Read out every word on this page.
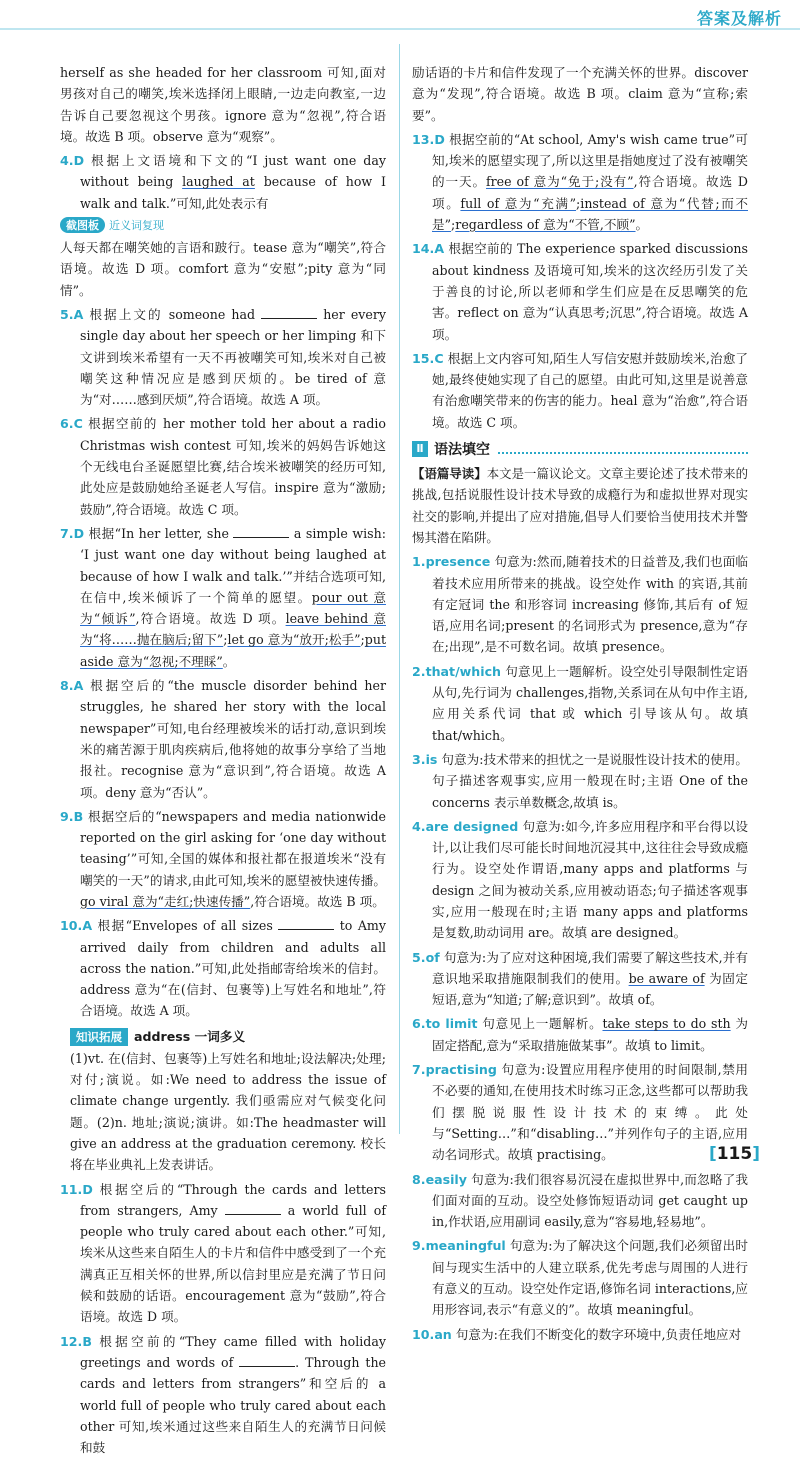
答案及解析

herself as she headed for her classroom 可知,面对男孩对自己的嘲笑,埃米选择闭上眼睛,一边走向教室,一边告诉自己要忽视这个男孩。ignore 意为“忽视”,符合语境。故选 B 项。observe 意为“观察”。

4.D 根据上文语境和下文的“I just want one day without being laughed at because of how I walk and talk.”可知,此处表示有

截图板 近义词复现

人每天都在嘲笑她的言语和跛行。tease 意为“嘲笑”,符合语境。故选 D 项。comfort 意为“安慰”;pity 意为“同情”。

5.A 根据上文的 someone had	her every single day about her speech or her limping 和下文讲到埃米希望有一天不再被嘲笑可知,埃米对自己被嘲笑这种情况应是感到厌烦的。be tired of 意为“对……感到厌烦”,符合语境。故选 A 项。

6.C 根据空前的 her mother told her about a radio Christmas wish contest 可知,埃米的妈妈告诉她这个无线电台圣诞愿望比赛,结合埃米被嘲笑的经历可知,此处应是鼓励她给圣诞老人写信。inspire 意为“激励;鼓励”,符合语境。故选 C 项。

7.D 根据“In her letter, she	a simple wish: ‘I just want one day without being laughed at because of how I walk and talk.’”并结合选项可知,在信中,埃米倾诉了一个简单的愿望。pour out 意为“倾诉”,符合语境。故选 D 项。leave behind 意为“将……抛在脑后;留下”;let go 意为“放开;松手”;put aside 意为“忽视;不理睬”。

8.A 根据空后的“the muscle disorder behind her struggles, he shared her story with the local newspaper”可知,电台经理被埃米的话打动,意识到埃米的痛苦源于肌肉疾病后,他将她的故事分享给了当地报社。recognise 意为“意识到”,符合语境。故选 A 项。deny 意为“否认”。

9.B 根据空后的“newspapers and media nationwide reported on the girl asking for ‘one day without teasing’”可知,全国的媒体和报社都在报道埃米“没有嘲笑的一天”的请求,由此可知,埃米的愿望被快速传播。go viral 意为“走红;快速传播”,符合语境。故选 B 项。

10.A 根据“Envelopes of all sizes	to Amy arrived daily from children and adults all across the nation.”可知,此处指邮寄给埃米的信封。address 意为“在(信封、包裹等)上写姓名和地址”,符合语境。故选 A 项。

知识拓展 address 一词多义

(1)vt. 在(信封、包裹等)上写姓名和地址;设法解决;处理;对付;演说。如:We need to address the issue of climate change urgently. 我们亟需应对气候变化问题。(2)n. 地址;演说;演讲。如:The headmaster will give an address at the graduation ceremony. 校长将在毕业典礼上发表讲话。

11.D 根据空后的“Through the cards and letters from strangers, Amy	a world full of people who truly cared about each other.”可知,埃米从这些来自陌生人的卡片和信件中感受到了一个充满真正互相关怀的世界,所以信封里应是充满了节日问候和鼓励的话语。encouragement 意为“鼓励”,符合语境。故选 D 项。

12.B 根据空前的“They came filled with holiday greetings and words of	. Through the cards and letters from strangers”和空后的 a world full of people who truly cared about each other 可知,埃米通过这些来自陌生人的充满节日问候和鼓

励话语的卡片和信件发现了一个充满关怀的世界。discover 意为“发现”,符合语境。故选 B 项。claim 意为“宣称;索要”。

13.D 根据空前的“At school, Amy's wish came true”可知,埃米的愿望实现了,所以这里是指她度过了没有被嘲笑的一天。free of 意为“免于;没有”,符合语境。故选 D 项。full of 意为“充满”;instead of 意为“代替;而不是”;regardless of 意为“不管,不顾”。

14.A 根据空前的 The experience sparked discussions about kindness 及语境可知,埃米的这次经历引发了关于善良的讨论,所以老师和学生们应是在反思嘲笑的危害。reflect on 意为“认真思考;沉思”,符合语境。故选 A 项。

15.C 根据上文内容可知,陌生人写信安慰并鼓励埃米,治愈了她,最终使她实现了自己的愿望。由此可知,这里是说善意有治愈嘲笑带来的伤害的能力。heal 意为“治愈”,符合语境。故选 C 项。

Ⅱ 语法填空

【语篇导读】本文是一篇议论文。文章主要论述了技术带来的挑战,包括说服性设计技术导致的成瘾行为和虚拟世界对现实社交的影响,并提出了应对措施,倡导人们要恰当使用技术并警惕其潜在陷阱。

1.presence 句意为:然而,随着技术的日益普及,我们也面临着技术应用所带来的挑战。设空处作 with 的宾语,其前有定冠词 the 和形容词 increasing 修饰,其后有 of 短语,应用名词;present 的名词形式为 presence,意为“存在;出现”,是不可数名词。故填 presence。

2.that/which 句意见上一题解析。设空处引导限制性定语从句,先行词为 challenges,指物,关系词在从句中作主语,应用关系代词 that 或 which 引导该从句。故填 that/which。

3.is 句意为:技术带来的担忧之一是说服性设计技术的使用。句子描述客观事实,应用一般现在时;主语 One of the concerns 表示单数概念,故填 is。

4.are designed 句意为:如今,许多应用程序和平台得以设计,以让我们尽可能长时间地沉浸其中,这往往会导致成瘾行为。设空处作谓语,many apps and platforms 与 design 之间为被动关系,应用被动语态;句子描述客观事实,应用一般现在时;主语 many apps and platforms 是复数,助动词用 are。故填 are designed。

5.of 句意为:为了应对这种困境,我们需要了解这些技术,并有意识地采取措施限制我们的使用。be aware of 为固定短语,意为“知道;了解;意识到”。故填 of。

6.to limit 句意见上一题解析。take steps to do sth 为固定搭配,意为“采取措施做某事”。故填 to limit。

7.practising 句意为:设置应用程序使用的时间限制,禁用不必要的通知,在使用技术时练习正念,这些都可以帮助我们摆脱说服性设计技术的束缚。此处与“Setting…”和“disabling…”并列作句子的主语,应用动名词形式。故填 practising。

8.easily 句意为:我们很容易沉浸在虚拟世界中,而忽略了我们面对面的互动。设空处修饰短语动词 get caught up in,作状语,应用副词 easily,意为“容易地,轻易地”。

9.meaningful 句意为:为了解决这个问题,我们必须留出时间与现实生活中的人建立联系,优先考虑与周围的人进行有意义的互动。设空处作定语,修饰名词 interactions,应用形容词,表示“有意义的”。故填 meaningful。

10.an 句意为:在我们不断变化的数字环境中,负责任地应对

[115]
